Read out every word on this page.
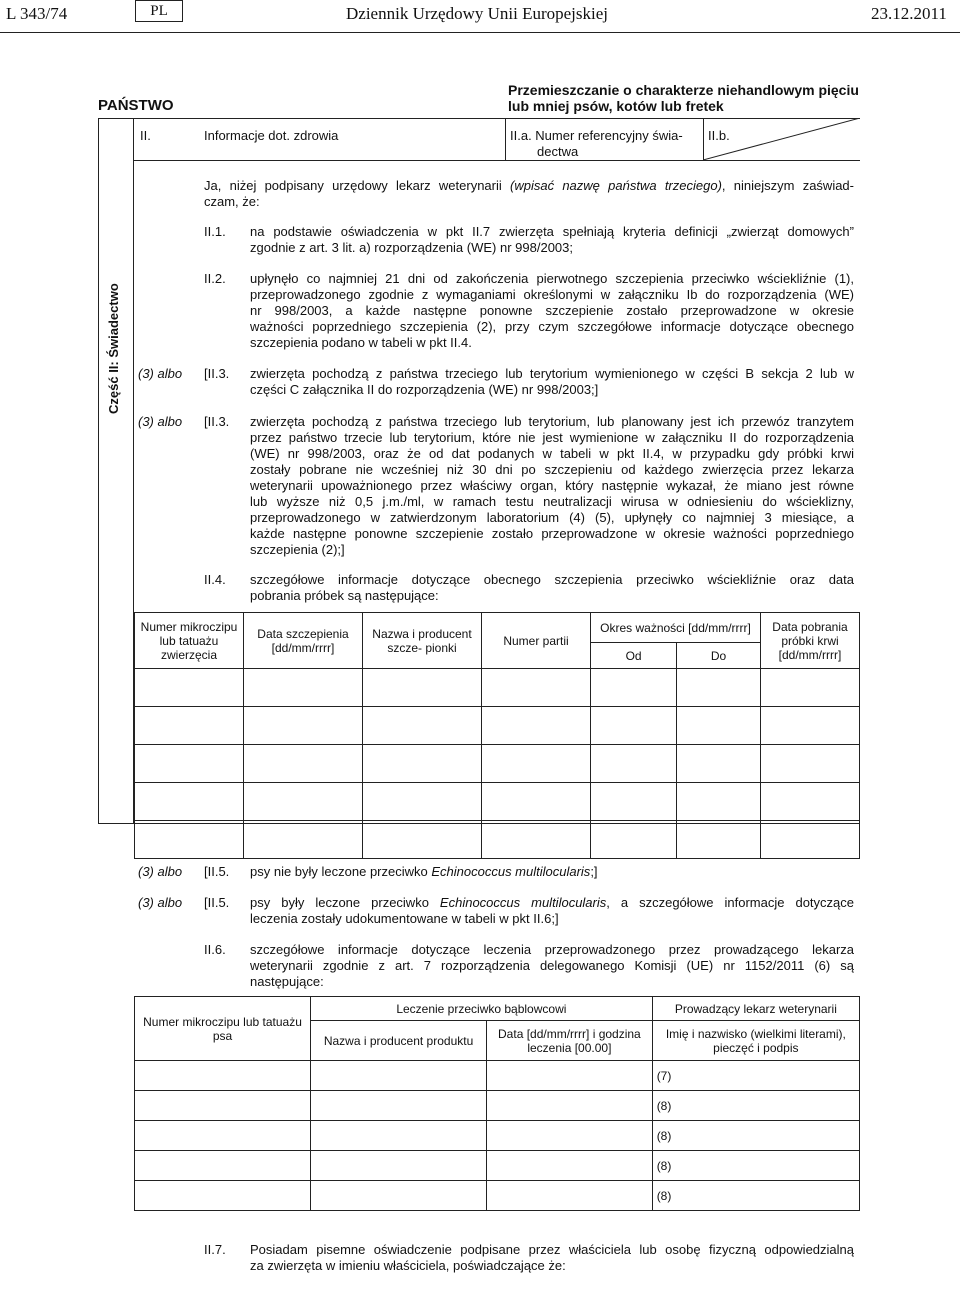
L 343/74	PL	Dziennik Urzędowy Unii Europejskiej	23.12.2011
PAŃSTWO
Przemieszczanie o charakterze niehandlowym pięciu
lub mniej psów, kotów lub fretek
II.	Informacje dot. zdrowia	II.a. Numer referencyjny świa-
dectwa
II.b.
Część II: Świadectwo
Ja, niżej podpisany urzędowy lekarz weterynarii (wpisać nazwę państwa trzeciego), niniejszym zaświad-
czam, że:
II.1. na podstawie oświadczenia w pkt II.7 zwierzęta spełniają kryteria definicji „zwierząt domowych”
zgodnie z art. 3 lit. a) rozporządzenia (WE) nr 998/2003;
II.2. upłynęło co najmniej 21 dni od zakończenia pierwotnego szczepienia przeciwko wściekliźnie (1),
przeprowadzonego zgodnie z wymaganiami określonymi w załączniku Ib do rozporządzenia (WE)
nr 998/2003, a każde następne ponowne szczepienie zostało przeprowadzone w okresie
ważności poprzedniego szczepienia (2), przy czym szczegółowe informacje dotyczące obecnego
szczepienia podano w tabeli w pkt II.4.
(3) albo [II.3. zwierzęta pochodzą z państwa trzeciego lub terytorium wymienionego w części B sekcja 2 lub w
części C załącznika II do rozporządzenia (WE) nr 998/2003;]
(3) albo [II.3. zwierzęta pochodzą z państwa trzeciego lub terytorium, lub planowany jest ich przewóz tranzytem
przez państwo trzecie lub terytorium, które nie jest wymienione w załączniku II do rozporządzenia
(WE) nr 998/2003, oraz że od dat podanych w tabeli w pkt II.4, w przypadku gdy próbki krwi
zostały pobrane nie wcześniej niż 30 dni po szczepieniu od każdego zwierzęcia przez lekarza
weterynarii upoważnionego przez właściwy organ, który następnie wykazał, że miano jest równe
lub wyższe niż 0,5 j.m./ml, w ramach testu neutralizacji wirusa w odniesieniu do wścieklizny,
przeprowadzonego w zatwierdzonym laboratorium (4) (5), upłynęły co najmniej 3 miesiące, a
każde następne ponowne szczepienie zostało przeprowadzone w okresie ważności poprzedniego
szczepienia (2);]
II.4. szczegółowe informacje dotyczące obecnego szczepienia przeciwko wściekliźnie oraz data
pobrania próbek są następujące:
Numer mikroczipu lub tatuażu zwierzęcia	Data szczepienia [dd/mm/rrrr]	Nazwa i producent szcze- pionki	Numer partii	Okres ważności [dd/mm/rrrr]		Data pobrania próbki krwi [dd/mm/rrrr]
				Od	Do	

(3) albo [II.5. psy nie były leczone przeciwko Echinococcus multilocularis;]
(3) albo [II.5. psy były leczone przeciwko Echinococcus multilocularis, a szczegółowe informacje dotyczące
leczenia zostały udokumentowane w tabeli w pkt II.6;]
II.6. szczegółowe informacje dotyczące leczenia przeprowadzonego przez prowadzącego lekarza
weterynarii zgodnie z art. 7 rozporządzenia delegowanego Komisji (UE) nr 1152/2011 (6) są
następujące:
Numer mikroczipu lub tatuażu psa	Leczenie przeciwko bąblowcowi		Prowadzący lekarz weterynarii
	Nazwa i producent produktu	Data [dd/mm/rrrr] i godzina leczenia [00.00]	Imię i nazwisko (wielkimi literami), pieczęć i podpis
			(7)
			(8)
			(8)
			(8)
			(8)
II.7. Posiadam pisemne oświadczenie podpisane przez właściciela lub osobę fizyczną odpowiedzialną
za zwierzęta w imieniu właściciela, poświadczające że:
